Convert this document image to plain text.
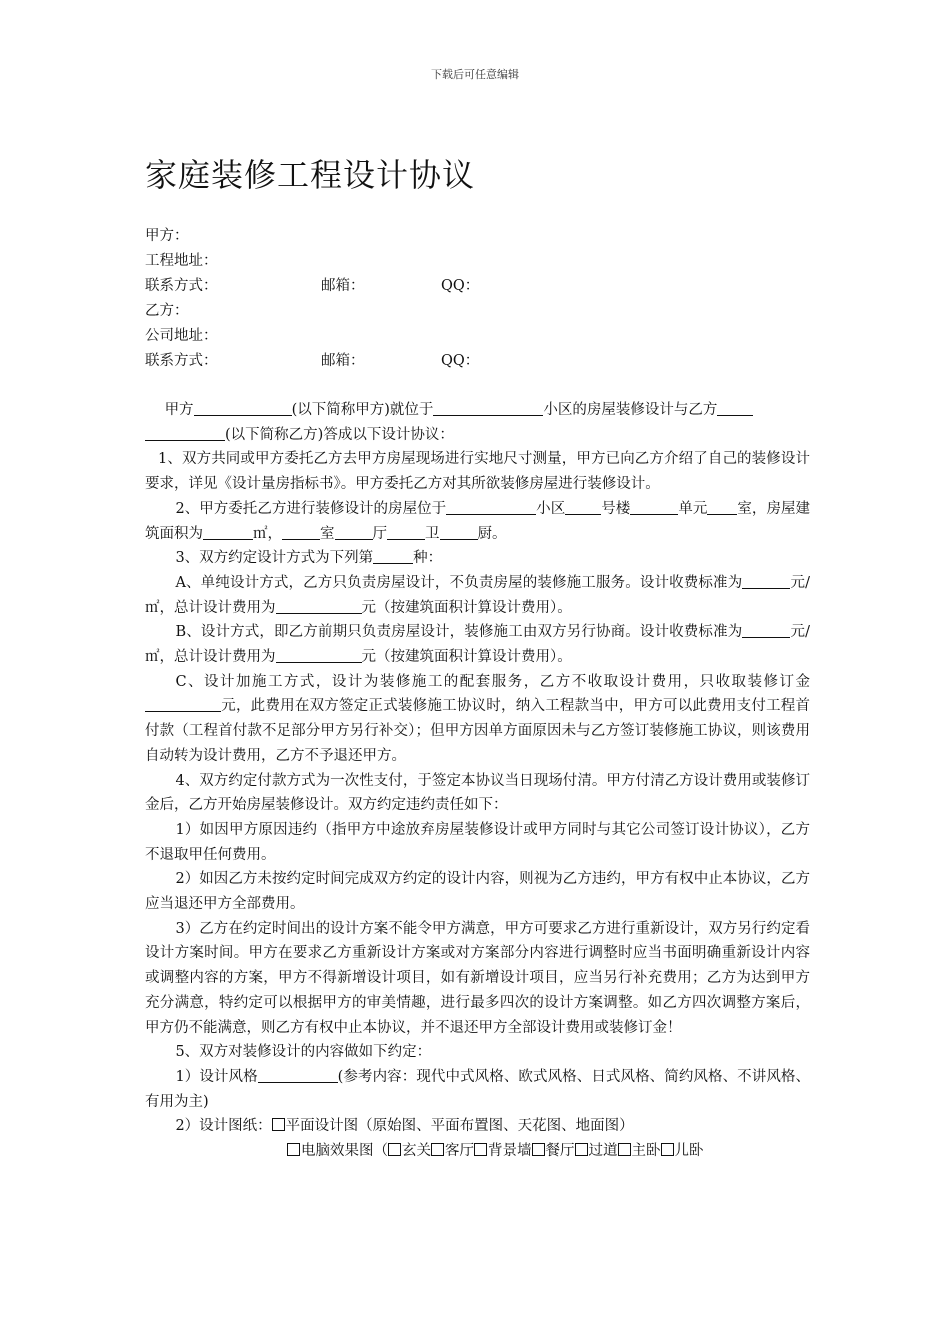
下载后可任意编辑
家庭装修工程设计协议
甲方：
工程地址：
联系方式：	邮箱：	QQ：
乙方：
公司地址：
联系方式：	邮箱：	QQ：

甲方	(以下简称甲方)就位于	小区的房屋装修设计与乙方
(以下简称乙方)答成以下设计协议：

1、双方共同或甲方委托乙方去甲方房屋现场进行实地尺寸测量，甲方已向乙方介绍了自己的装修设计要求，详见《设计量房指标书》。甲方委托乙方对其所欲装修房屋进行装修设计。

2、甲方委托乙方进行装修设计的房屋位于	小区 号楼	单元 室，房屋建筑面积为	㎡，	室	厅	卫	厨。

3、双方约定设计方式为下列第	种：

A、单纯设计方式，乙方只负责房屋设计，不负责房屋的装修施工服务。设计收费标准为	元/㎡，总计设计费用为	元（按建筑面积计算设计费用）。

B、设计方式，即乙方前期只负责房屋设计，装修施工由双方另行协商。设计收费标准为	元/㎡，总计设计费用为	元（按建筑面积计算设计费用）。

C、设计加施工方式，设计为装修施工的配套服务，乙方不收取设计费用，只收取装修订金元，此费用在双方签定正式装修施工协议时，纳入工程款当中，甲方可以此费用支付工程首付款（工程首付款不足部分甲方另行补交）；但甲方因单方面原因未与乙方签订装修施工协议，则该费用自动转为设计费用，乙方不予退还甲方。

4、双方约定付款方式为一次性支付，于签定本协议当日现场付清。甲方付清乙方设计费用或装修订金后，乙方开始房屋装修设计。双方约定违约责任如下：

1）如因甲方原因违约（指甲方中途放弃房屋装修设计或甲方同时与其它公司签订设计协议），乙方不退取甲任何费用。

2）如因乙方未按约定时间完成双方约定的设计内容，则视为乙方违约，甲方有权中止本协议，乙方应当退还甲方全部费用。

3）乙方在约定时间出的设计方案不能令甲方满意，甲方可要求乙方进行重新设计，双方另行约定看设计方案时间。甲方在要求乙方重新设计方案或对方案部分内容进行调整时应当书面明确重新设计内容或调整内容的方案，甲方不得新增设计项目，如有新增设计项目，应当另行补充费用；乙方为达到甲方充分满意，特约定可以根据甲方的审美情趣，进行最多四次的设计方案调整。如乙方四次调整方案后，甲方仍不能满意，则乙方有权中止本协议，并不退还甲方全部设计费用或装修订金！

5、双方对装修设计的内容做如下约定：

1）设计风格	(参考内容：现代中式风格、欧式风格、日式风格、简约风格、不讲风格、有用为主)

2）设计图纸： 平面设计图（原始图、平面布置图、天花图、地面图）

电脑效果图（ 玄关 客厅 背景墙 餐厅 过道 主卧 儿卧
